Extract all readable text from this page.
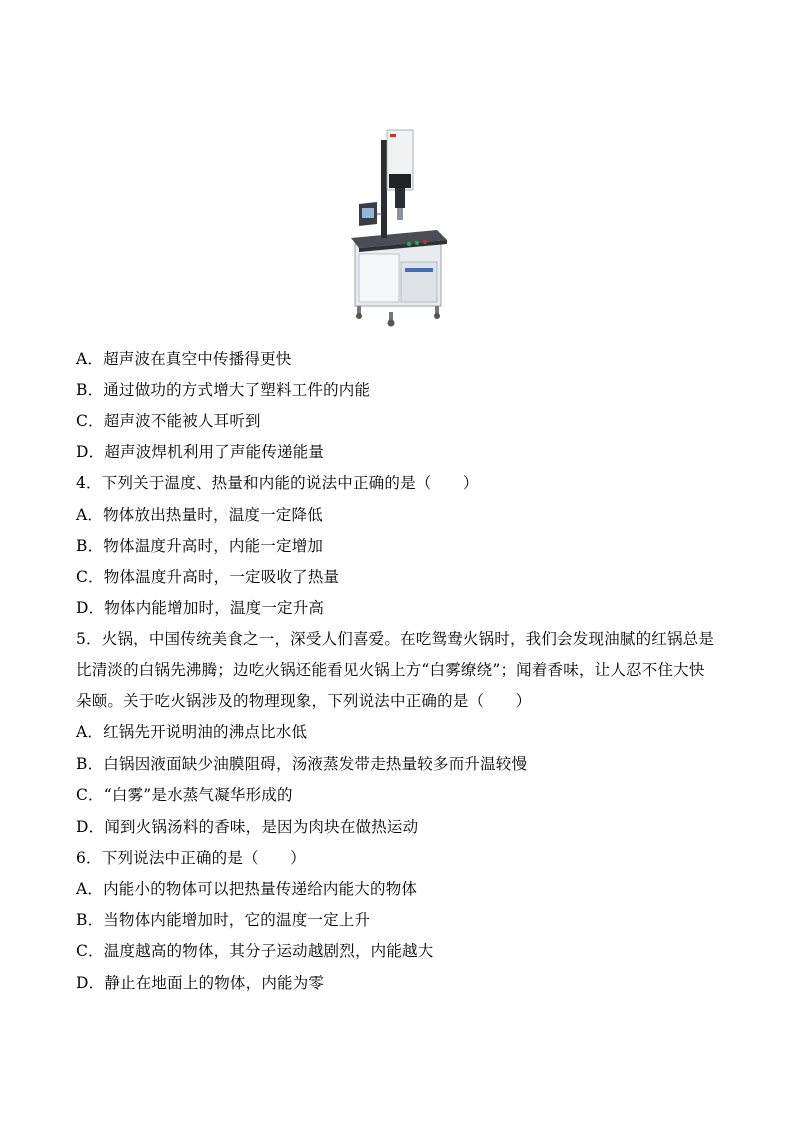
A．超声波在真空中传播得更快
B．通过做功的方式增大了塑料工件的内能
C．超声波不能被人耳听到
D．超声波焊机利用了声能传递能量
4．下列关于温度、热量和内能的说法中正确的是（　　）
A．物体放出热量时，温度一定降低
B．物体温度升高时，内能一定增加
C．物体温度升高时，一定吸收了热量
D．物体内能增加时，温度一定升高
5．火锅，中国传统美食之一，深受人们喜爱。在吃鸳鸯火锅时，我们会发现油腻的红锅总是
比清淡的白锅先沸腾；边吃火锅还能看见火锅上方“白雾缭绕”；闻着香味，让人忍不住大快
朵颐。关于吃火锅涉及的物理现象，下列说法中正确的是（　　）
A．红锅先开说明油的沸点比水低
B．白锅因液面缺少油膜阻碍，汤液蒸发带走热量较多而升温较慢
C．“白雾”是水蒸气凝华形成的
D．闻到火锅汤料的香味，是因为肉块在做热运动
6．下列说法中正确的是（　　）
A．内能小的物体可以把热量传递给内能大的物体
B．当物体内能增加时，它的温度一定上升
C．温度越高的物体，其分子运动越剧烈，内能越大
D．静止在地面上的物体，内能为零
